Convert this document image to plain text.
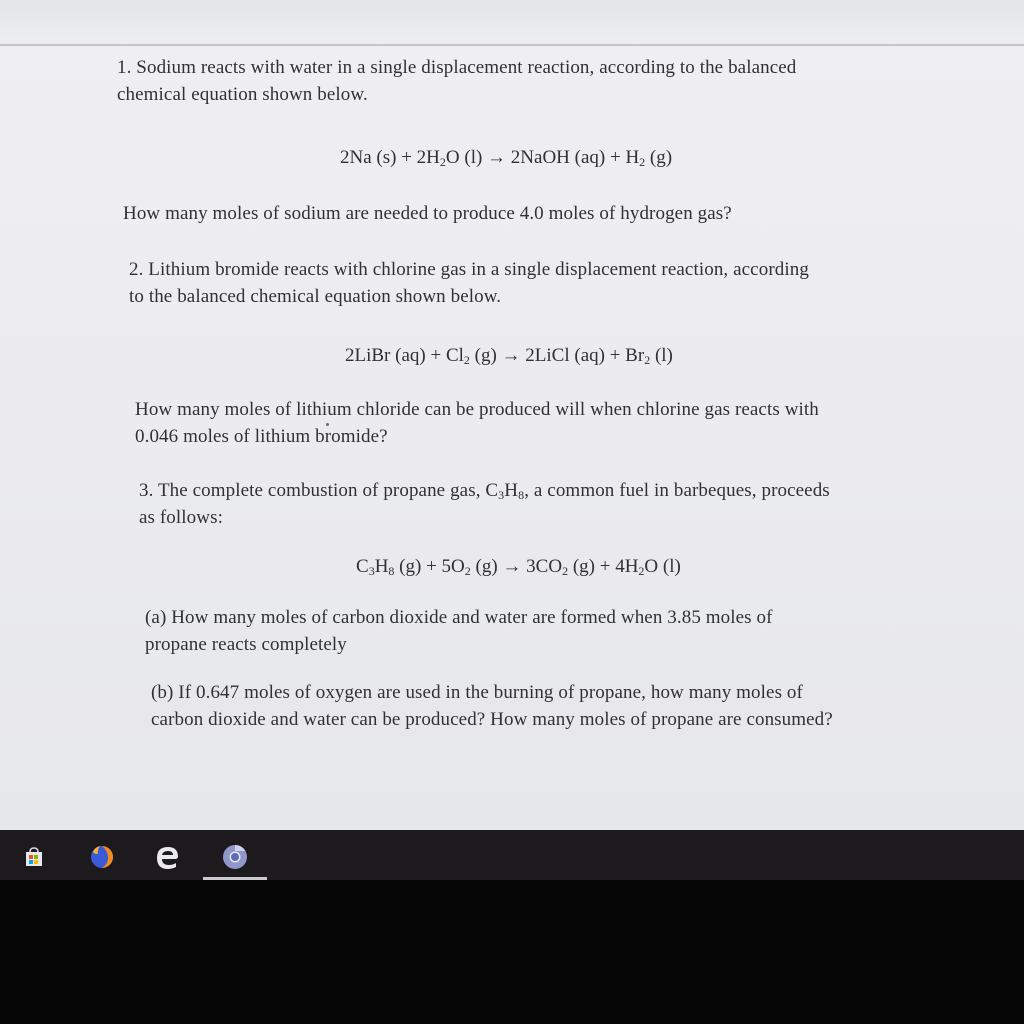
1. Sodium reacts with water in a single displacement reaction, according to the balanced
chemical equation shown below.
2Na $(s) + 2H_2O$ (l) → 2NaOH $(aq) + H_2$ (g)
How many moles of sodium are needed to produce 4.0 moles of hydrogen gas?
2. Lithium bromide reacts with chlorine gas in a single displacement reaction, according
to the balanced chemical equation shown below.
2LiBr $(aq) + Cl_2$ (g) → 2LiCl $(aq) + Br_2$ (l)
How many moles of lithium chloride can be produced will when chlorine gas reacts with
0.046 moles of lithium bromide?
3. The complete combustion of propane gas, $C_3H_8$, a common fuel in barbeques, proceeds
as follows:
$C_3H_8$ $(g) + 5O_2$ $(g) \to 3CO_2$ $(g) + 4H_2O$ (l)
(a) How many moles of carbon dioxide and water are formed when 3.85 moles of
propane reacts completely
(b) If 0.647 moles of oxygen are used in the burning of propane, how many moles of
carbon dioxide and water can be produced? How many moles of propane are consumed?
